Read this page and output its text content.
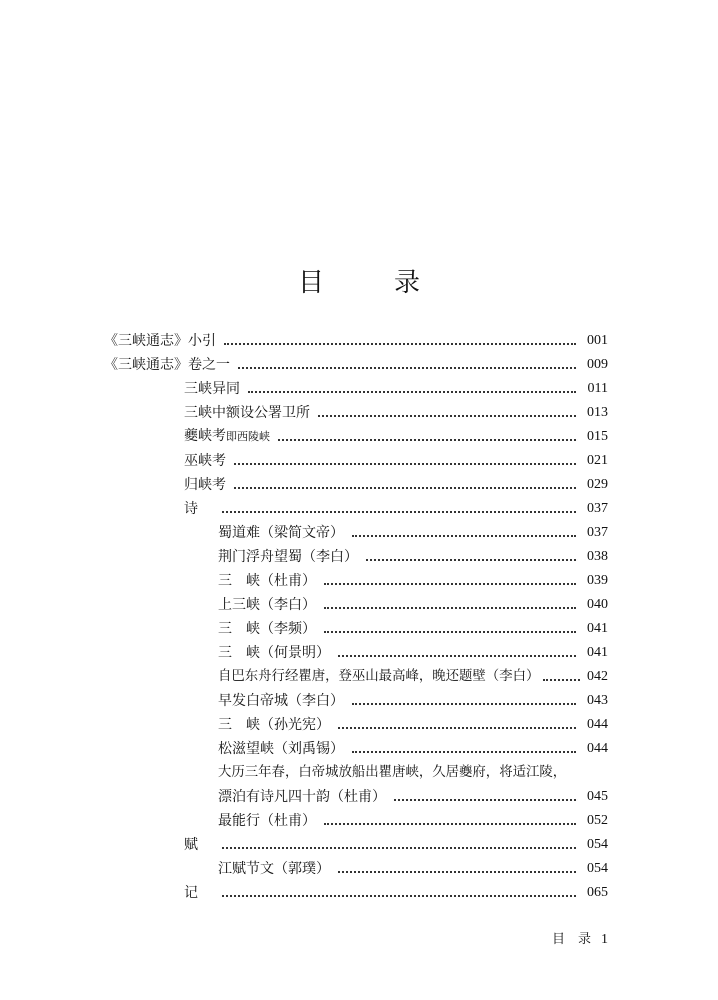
目　录
《三峡通志》小引	001
《三峡通志》卷之一	009
三峡异同	011
三峡中额设公署卫所	013
夔峡考即西陵峡	015
巫峡考	021
归峡考	029
诗	037
蜀道难（梁简文帝）	037
荆门浮舟望蜀（李白）	038
三　峡（杜甫）	039
上三峡（李白）	040
三　峡（李频）	041
三　峡（何景明）	041
自巴东舟行经瞿唐，登巫山最高峰，晚还题壁（李白）	042
早发白帝城（李白）	043
三　峡（孙光宪）	044
松滋望峡（刘禹锡）	044
大历三年春，白帝城放船出瞿唐峡，久居夔府，将适江陵，
漂泊有诗凡四十韵（杜甫）	045
最能行（杜甫）	052
赋	054
江赋节文（郭璞）	054
记	065
目　录 1
